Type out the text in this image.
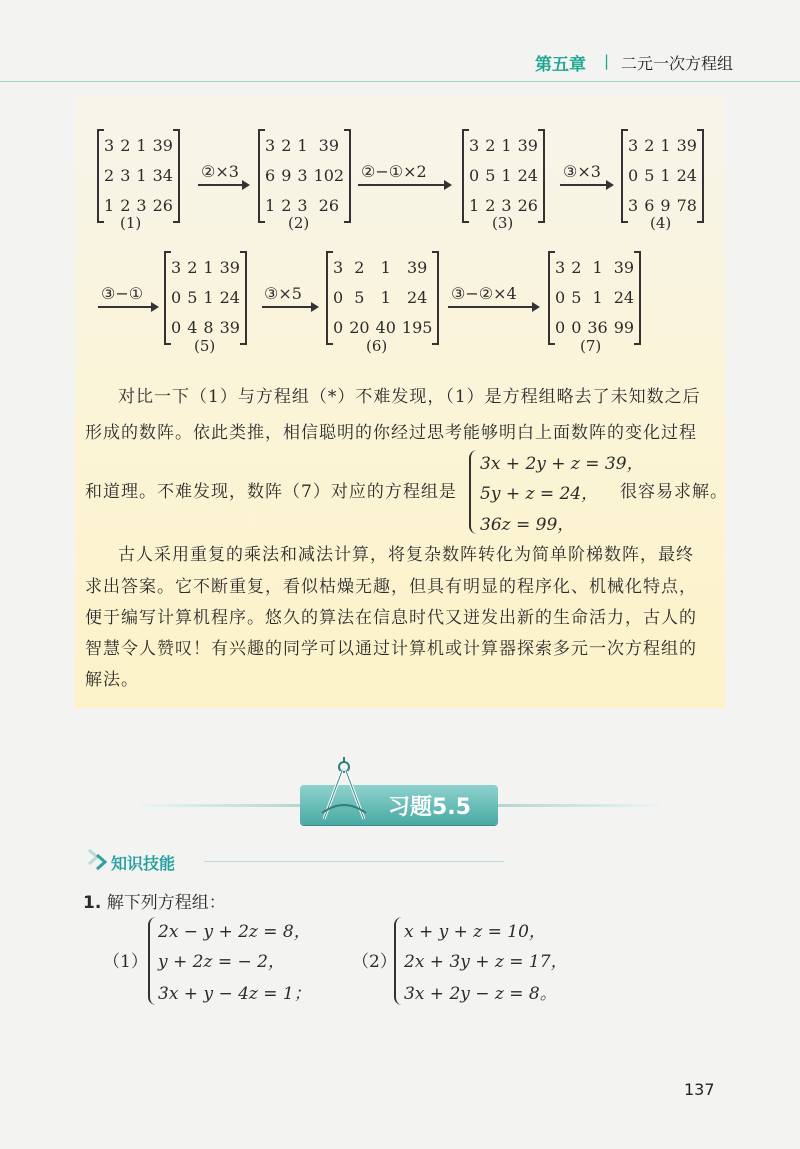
第五章 | 二元一次方程组
3 2 1 39
2 3 1 34
1 2 3 26
(1)
②×3
3 2 1 39
6 9 3 102
1 2 3 26
(2)
②−①×2
3 2 1 39
0 5 1 24
1 2 3 26
(3)
③×3
3 2 1 39
0 5 1 24
3 6 9 78
(4)
③−①
3 2 1 39
0 5 1 24
0 4 8 39
(5)
③×5
3 2	1	39
0 5	1	24
0 20 40 195
(6)
③−②×4
3 2 1 39
0 5 1 24
0 0 36 99
(7)
对比一下（1）与方程组（*）不难发现，（1）是方程组略去了未知数之后
形成的数阵。依此类推，相信聪明的你经过思考能够明白上面数阵的变化过程
和道理。不难发现，数阵（7）对应的方程组是
3x + 2y + z = 39，
5y + z = 24，
36z = 99，
很容易求解。
古人采用重复的乘法和减法计算，将复杂数阵转化为简单阶梯数阵，最终
求出答案。它不断重复，看似枯燥无趣，但具有明显的程序化、机械化特点，
便于编写计算机程序。悠久的算法在信息时代又迸发出新的生命活力，古人的
智慧令人赞叹！有兴趣的同学可以通过计算机或计算器探索多元一次方程组的
解法。
习题5.5
知识技能
1. 解下列方程组：
（1）
2x − y + 2z = 8，
y + 2z = − 2，
3x + y − 4z = 1；
（2）
x + y + z = 10，
2x + 3y + z = 17，
3x + 2y − z = 8。
137
